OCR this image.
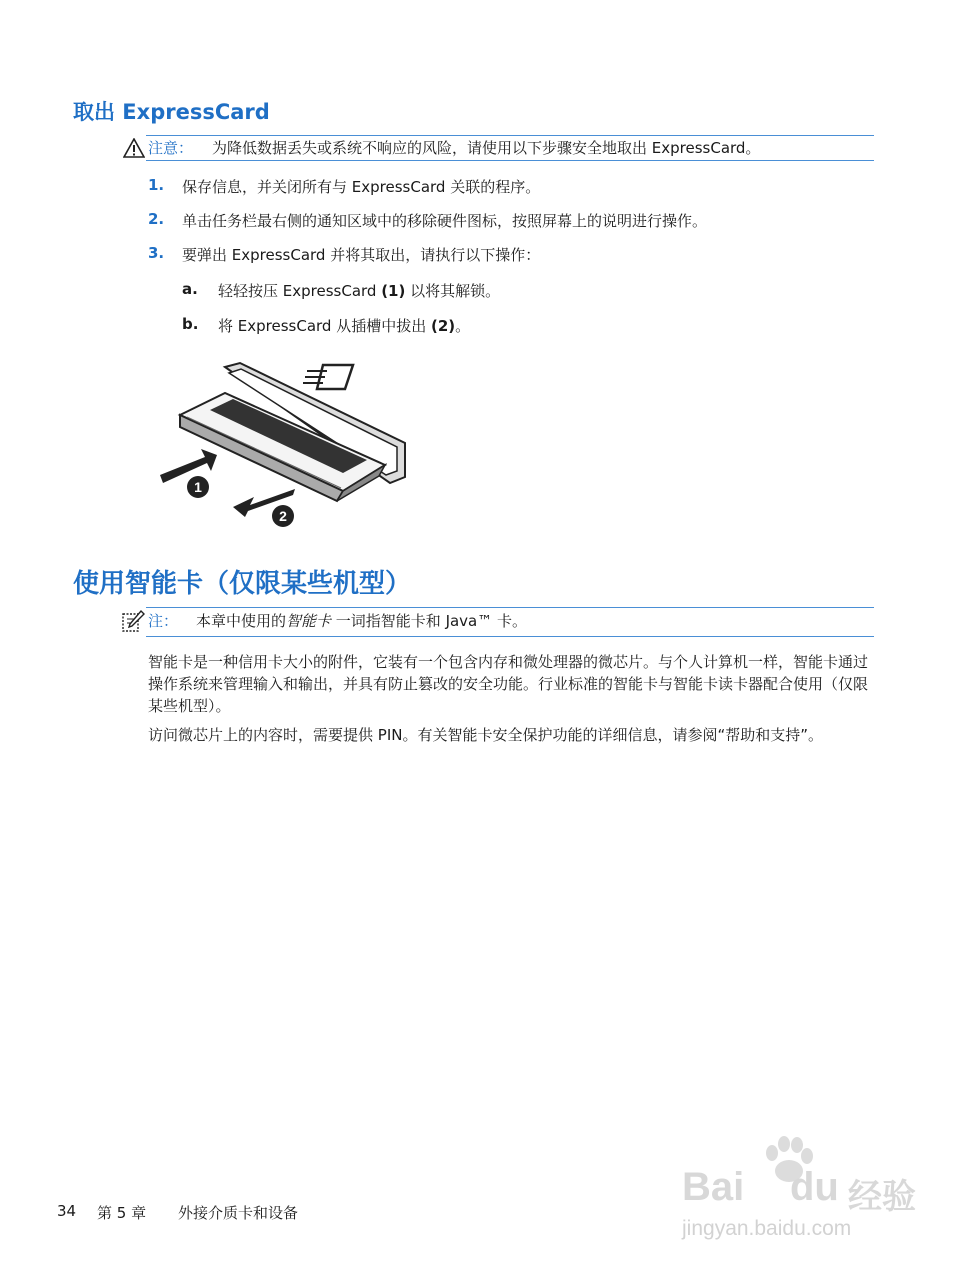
取出 ExpressCard
注意： 为降低数据丢失或系统不响应的风险，请使用以下步骤安全地取出 ExpressCard。
1. 保存信息，并关闭所有与 ExpressCard 关联的程序。
2. 单击任务栏最右侧的通知区域中的移除硬件图标，按照屏幕上的说明进行操作。
3. 要弹出 ExpressCard 并将其取出，请执行以下操作：
a. 轻轻按压 ExpressCard (1) 以将其解锁。
b. 将 ExpressCard 从插槽中拔出 (2)。
1
2
使用智能卡（仅限某些机型）
注： 本章中使用的智能卡 一词指智能卡和 Java™ 卡。
智能卡是一种信用卡大小的附件，它装有一个包含内存和微处理器的微芯片。与个人计算机一样，智能卡通过操作系统来管理输入和输出，并具有防止篡改的安全功能。行业标准的智能卡与智能卡读卡器配合使用（仅限某些机型）。
访问微芯片上的内容时，需要提供 PIN。有关智能卡安全保护功能的详细信息，请参阅“帮助和支持”。
34 第 5 章 外接介质卡和设备
Bai du 经验
jingyan.baidu.com
